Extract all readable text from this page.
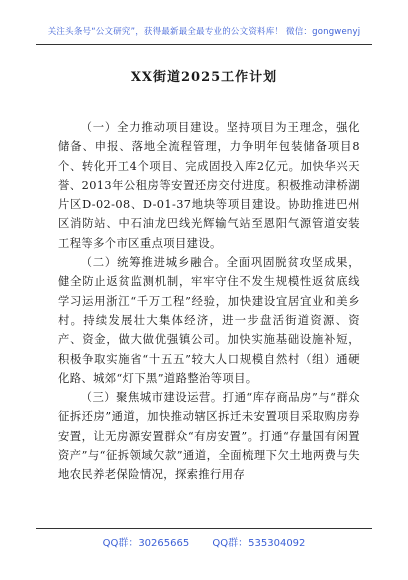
关注头条号“公文研究”，获得最新最全最专业的公文资料库！ 微信：gongwenyj
XX街道2025工作计划

（一）全力推动项目建设。坚持项目为王理念，强化储备、申报、落地全流程管理，力争明年包装储备项目8个、转化开工4个项目、完成固投入库2亿元。加快华兴天誉、2013年公租房等安置还房交付进度。积极推动津桥湖片区D-02-08、D-01-37地块等项目建设。协助推进巴州区消防站、中石油龙巴线光辉输气站至恩阳气源管道安装工程等多个市区重点项目建设。

（二）统筹推进城乡融合。全面巩固脱贫攻坚成果，健全防止返贫监测机制，牢牢守住不发生规模性返贫底线学习运用浙江“千万工程”经验，加快建设宜居宜业和美乡村。持续发展壮大集体经济，进一步盘活街道资源、资产、资金，做大做优强镇公司。加快实施基础设施补短，积极争取实施省“十五五”较大人口规模自然村（组）通硬化路、城郊“灯下黑”道路整治等项目。

（三）聚焦城市建设运营。打通“库存商品房”与“群众征拆还房”通道，加快推动辖区拆迁未安置项目采取购房券安置，让无房源安置群众“有房安置”。打通“存量国有闲置资产”与“征拆领域欠款”通道，全面梳理下欠土地两费与失地农民养老保险情况，探索推行用存

QQ群：30265665 QQ群：535304092
